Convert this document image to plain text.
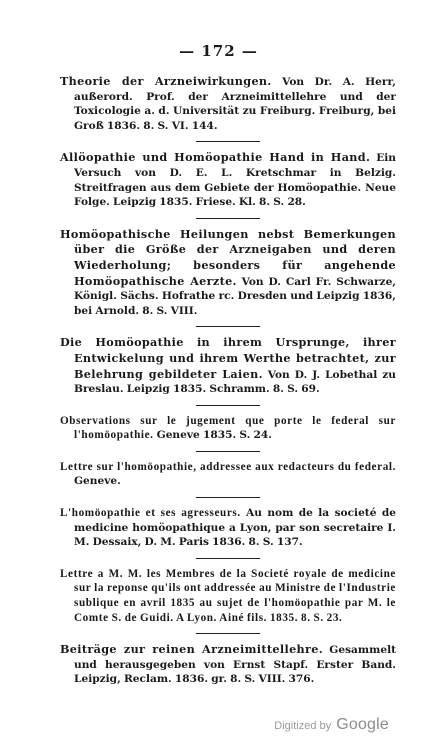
— 172 —
Theorie der Arzneiwirkungen. Von Dr. A. Herr, außerord. Prof. der Arzneimittellehre und der Toxicologie a. d. Universität zu Freiburg. Freiburg, bei Groß 1836. 8. S. VI. 144.
Allöopathie und Homöopathie Hand in Hand. Ein Versuch von D. E. L. Kretschmar in Belzig. Streitfragen aus dem Gebiete der Homöopathie. Neue Folge. Leipzig 1835. Friese. Kl. 8. S. 28.
Homöopathische Heilungen nebst Bemerkungen über die Größe der Arzneigaben und deren Wiederholung; besonders für angehende Homöopathische Aerzte. Von D. Carl Fr. Schwarze, Königl. Sächs. Hofrathe rc. Dresden und Leipzig 1836, bei Arnold. 8. S. VIII.
Die Homöopathie in ihrem Ursprunge, ihrer Entwickelung und ihrem Werthe betrachtet, zur Belehrung gebildeter Laien. Von D. J. Lobethal zu Breslau. Leipzig 1835. Schramm. 8. S. 69.
Observations sur le jugement que porte le federal sur l'homöopathie. Geneve 1835. S. 24.
Lettre sur l'homöopathie, addressee aux redacteurs du federal. Geneve.
L'homöopathie et ses agresseurs. Au nom de la societé de medicine homöopathique a Lyon, par son secretaire I. M. Dessaix, D. M. Paris 1836. 8. S. 137.
Lettre a M. M. les Membres de la Societé royale de medicine sur la reponse qu'ils ont addressée au Ministre de l'Industrie sublique en avril 1835 au sujet de l'homöopathie par M. le Comte S. de Guidi. A Lyon. Ainé fils. 1835. 8. S. 23.
Beiträge zur reinen Arzneimittellehre. Gesammelt und herausgegeben von Ernst Stapf. Erster Band. Leipzig, Reclam. 1836. gr. 8. S. VIII. 376.
Digitized by Google
